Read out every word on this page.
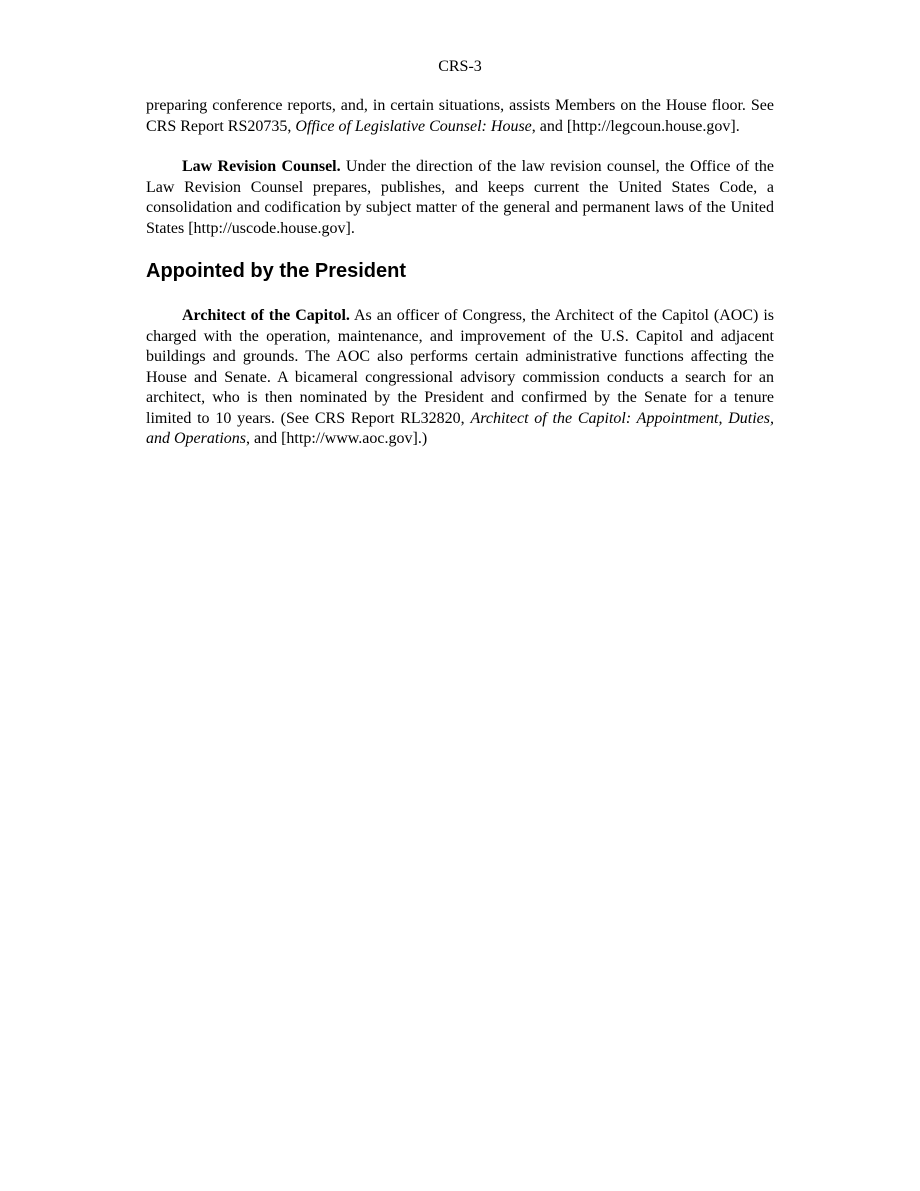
CRS-3

preparing conference reports, and, in certain situations, assists Members on the House floor. See CRS Report RS20735, Office of Legislative Counsel: House, and [http://legcoun.house.gov].

Law Revision Counsel. Under the direction of the law revision counsel, the Office of the Law Revision Counsel prepares, publishes, and keeps current the United States Code, a consolidation and codification by subject matter of the general and permanent laws of the United States [http://uscode.house.gov].

Appointed by the President

Architect of the Capitol. As an officer of Congress, the Architect of the Capitol (AOC) is charged with the operation, maintenance, and improvement of the U.S. Capitol and adjacent buildings and grounds. The AOC also performs certain administrative functions affecting the House and Senate. A bicameral congressional advisory commission conducts a search for an architect, who is then nominated by the President and confirmed by the Senate for a tenure limited to 10 years. (See CRS Report RL32820, Architect of the Capitol: Appointment, Duties, and Operations, and [http://www.aoc.gov].)
